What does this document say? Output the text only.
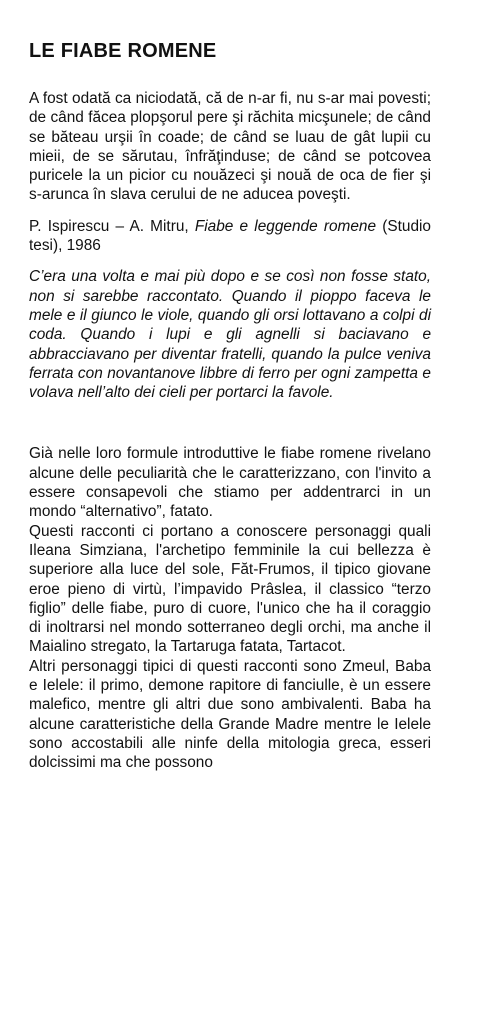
LE FIABE ROMENE

A fost odată ca niciodată, că de n-ar fi, nu s-ar mai povesti; de când făcea plopşorul pere şi răchita micşunele; de când se băteau urşii în coade; de când se luau de gât lupii cu mieii, de se sărutau, înfrăţinduse; de când se potcovea puricele la un picior cu nouăzeci şi nouă de oca de fier şi s-arunca în slava cerului de ne aducea poveşti.

P. Ispirescu – A. Mitru, Fiabe e leggende romene (Studio tesi), 1986

C’era una volta e mai più dopo e se così non fosse stato, non si sarebbe raccontato. Quando il pioppo faceva le mele e il giunco le viole, quando gli orsi lottavano a colpi di coda. Quando i lupi e gli agnelli si baciavano e abbracciavano per diventar fratelli, quando la pulce veniva ferrata con novantanove libbre di ferro per ogni zampetta e volava nell’alto dei cieli per portarci la favole.

Già nelle loro formule introduttive le fiabe romene rivelano alcune delle peculiarità che le caratterizzano, con l'invito a essere consapevoli che stiamo per addentrarci in un mondo “alternativo”, fatato.

Questi racconti ci portano a conoscere personaggi quali Ileana Simziana, l'archetipo femminile la cui bellezza è superiore alla luce del sole, Făt-Frumos, il tipico giovane eroe pieno di virtù, l’impavido Prâslea, il classico “terzo figlio” delle fiabe, puro di cuore, l'unico che ha il coraggio di inoltrarsi nel mondo sotterraneo degli orchi, ma anche il Maialino stregato, la Tartaruga fatata, Tartacot.

Altri personaggi tipici di questi racconti sono Zmeul, Baba e Ielele: il primo, demone rapitore di fanciulle, è un essere malefico, mentre gli altri due sono ambivalenti. Baba ha alcune caratteristiche della Grande Madre mentre le Ielele sono accostabili alle ninfe della mitologia greca, esseri dolcissimi ma che possono
